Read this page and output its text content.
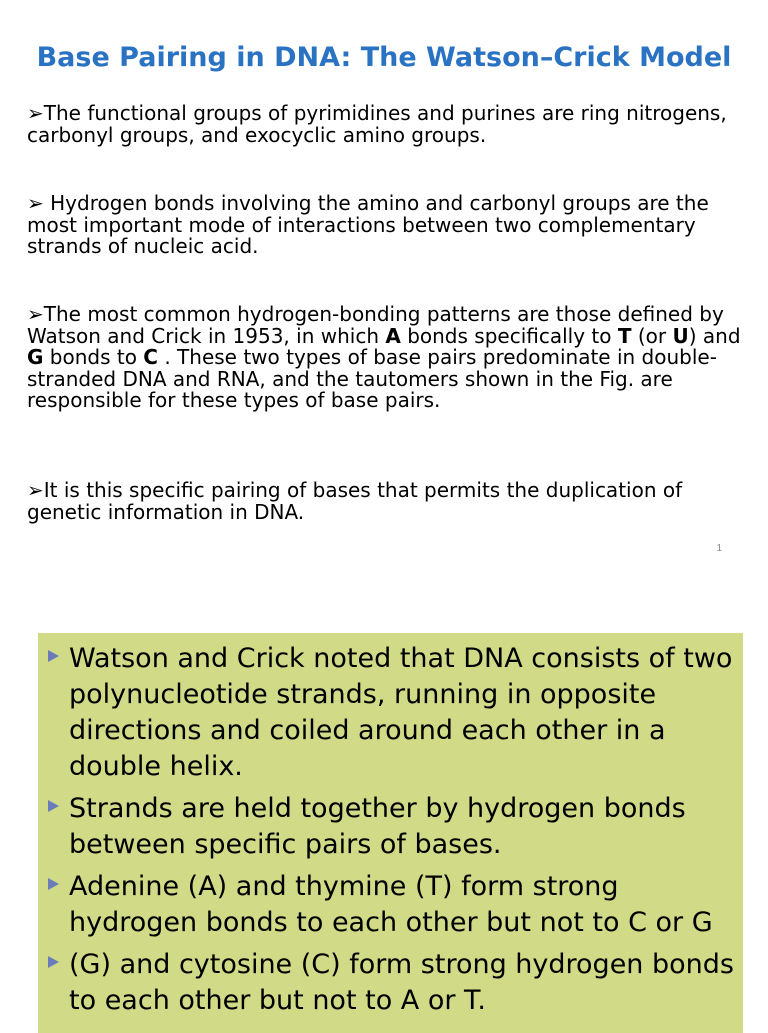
Base Pairing in DNA: The Watson–Crick Model

➢The functional groups of pyrimidines and purines are ring nitrogens, carbonyl groups, and exocyclic amino groups.

➢ Hydrogen bonds involving the amino and carbonyl groups are the most important mode of interactions between two complementary strands of nucleic acid.

➢The most common hydrogen-bonding patterns are those defined by Watson and Crick in 1953, in which A bonds specifically to T (or U) and G bonds to C . These two types of base pairs predominate in double-stranded DNA and RNA, and the tautomers shown in the Fig. are responsible for these types of base pairs.

➢It is this specific pairing of bases that permits the duplication of genetic information in DNA.

1
Watson and Crick noted that DNA consists of two polynucleotide strands, running in opposite directions and coiled around each other in a double helix.
Strands are held together by hydrogen bonds between specific pairs of bases.
Adenine (A) and thymine (T) form strong hydrogen bonds to each other but not to C or G
(G) and cytosine (C) form strong hydrogen bonds to each other but not to A or T.
